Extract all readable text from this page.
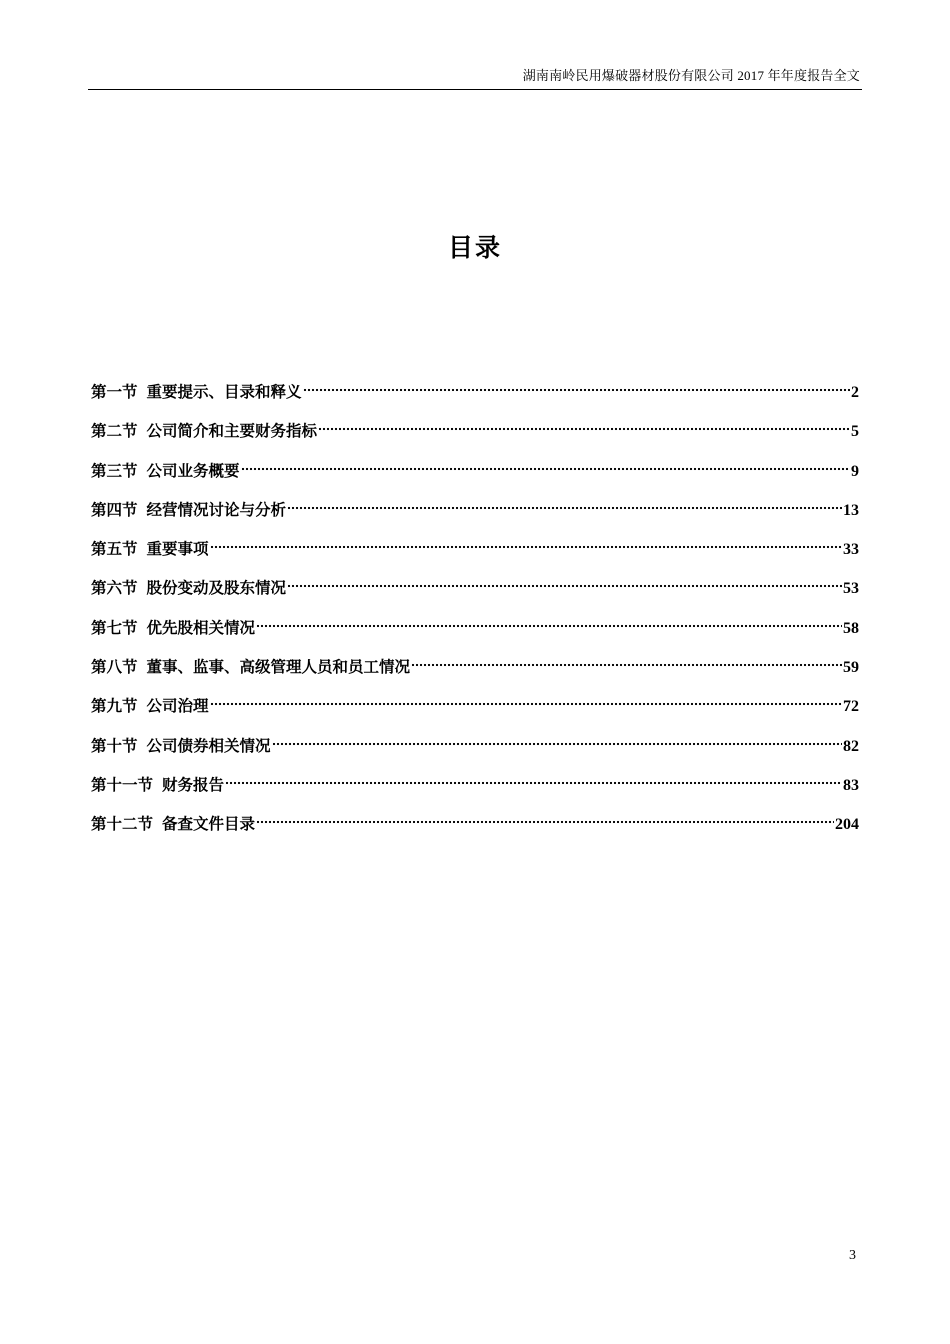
湖南南岭民用爆破器材股份有限公司 2017 年年度报告全文
目录
第一节 重要提示、目录和释义	2
第二节 公司简介和主要财务指标	5
第三节 公司业务概要	9
第四节 经营情况讨论与分析	13
第五节 重要事项	33
第六节 股份变动及股东情况	53
第七节 优先股相关情况	58
第八节 董事、监事、高级管理人员和员工情况	59
第九节 公司治理	72
第十节 公司债券相关情况	82
第十一节 财务报告	83
第十二节 备查文件目录	204
3
